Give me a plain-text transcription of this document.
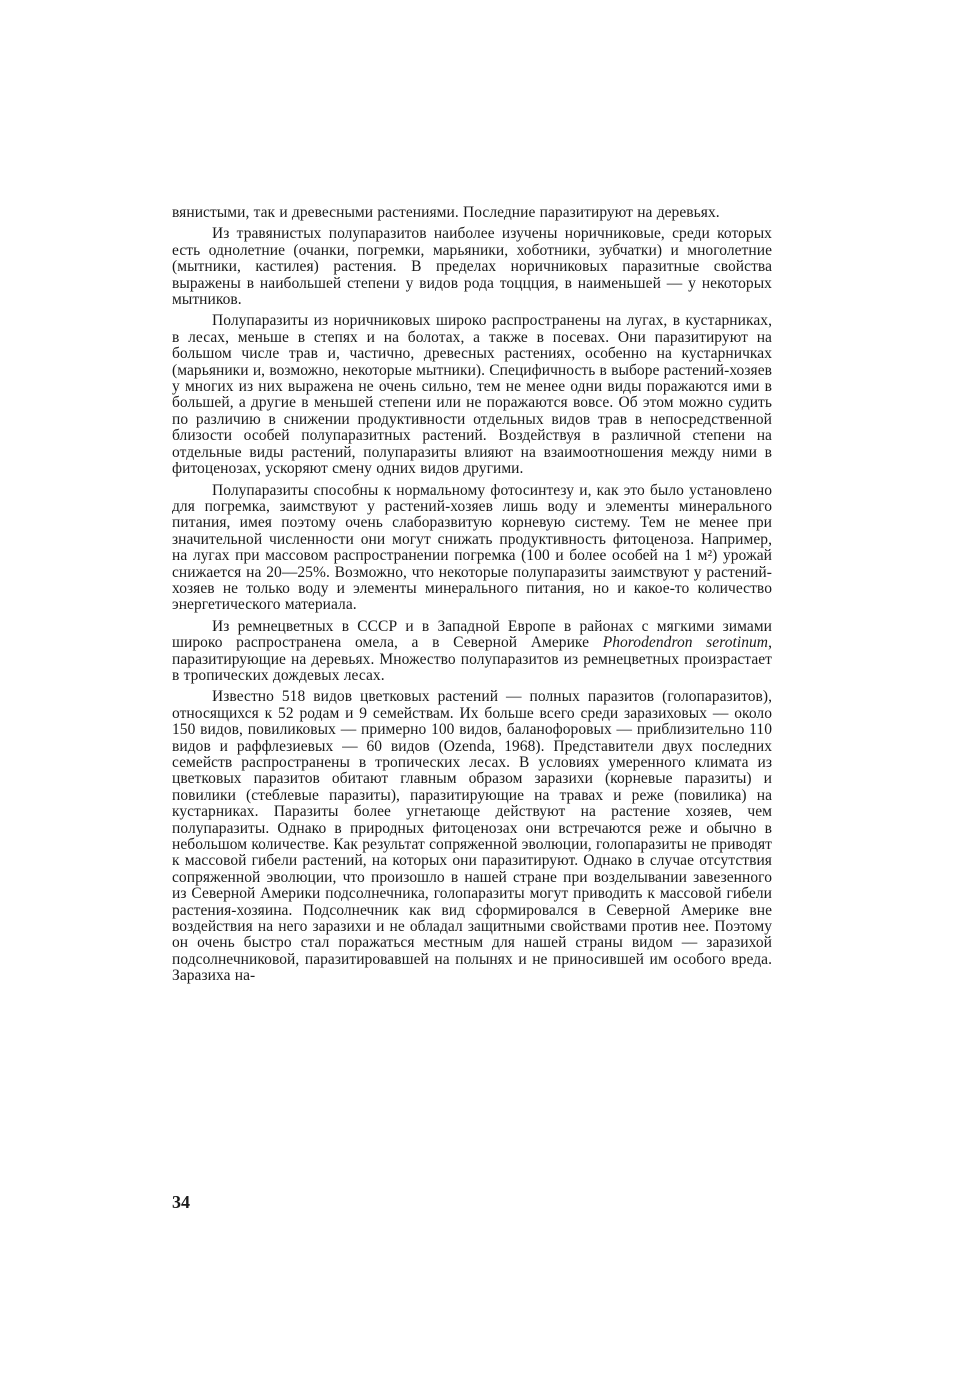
вянистыми, так и древесными растениями. Последние паразитируют на деревьях.

Из травянистых полупаразитов наиболее изучены норичниковые, среди которых есть однолетние (очанки, погремки, марьяники, хоботники, зубчатки) и многолетние (мытники, кастилея) растения. В пределах норичниковых паразитные свойства выражены в наибольшей степени у видов рода тоццция, в наименьшей — у некоторых мытников.

Полупаразиты из норичниковых широко распространены на лугах, в кустарниках, в лесах, меньше в степях и на болотах, а также в посевах. Они паразитируют на большом числе трав и, частично, древесных растениях, особенно на кустарничках (марьяники и, возможно, некоторые мытники). Специфичность в выборе растений-хозяев у многих из них выражена не очень сильно, тем не менее одни виды поражаются ими в большей, а другие в меньшей степени или не поражаются вовсе. Об этом можно судить по различию в снижении продуктивности отдельных видов трав в непосредственной близости особей полупаразитных растений. Воздействуя в различной степени на отдельные виды растений, полупаразиты влияют на взаимоотношения между ними в фитоценозах, ускоряют смену одних видов другими.

Полупаразиты способны к нормальному фотосинтезу и, как это было установлено для погремка, заимствуют у растений-хозяев лишь воду и элементы минерального питания, имея поэтому очень слаборазвитую корневую систему. Тем не менее при значительной численности они могут снижать продуктивность фитоценоза. Например, на лугах при массовом распространении погремка (100 и более особей на 1 м²) урожай снижается на 20—25%. Возможно, что некоторые полупаразиты заимствуют у растений-хозяев не только воду и элементы минерального питания, но и какое-то количество энергетического материала.

Из ремнецветных в СССР и в Западной Европе в районах с мягкими зимами широко распространена омела, а в Северной Америке Phorodendron serotinum, паразитирующие на деревьях. Множество полупаразитов из ремнецветных произрастает в тропических дождевых лесах.

Известно 518 видов цветковых растений — полных паразитов (голопаразитов), относящихся к 52 родам и 9 семействам. Их больше всего среди заразиховых — около 150 видов, повиликовых — примерно 100 видов, баланофоровых — приблизительно 110 видов и раффлезиевых — 60 видов (Ozenda, 1968). Представители двух последних семейств распространены в тропических лесах. В условиях умеренного климата из цветковых паразитов обитают главным образом заразихи (корневые паразиты) и повилики (стеблевые паразиты), паразитирующие на травах и реже (повилика) на кустарниках. Паразиты более угнетающе действуют на растение хозяев, чем полупаразиты. Однако в природных фитоценозах они встречаются реже и обычно в небольшом количестве. Как результат сопряженной эволюции, голопаразиты не приводят к массовой гибели растений, на которых они паразитируют. Однако в случае отсутствия сопряженной эволюции, что произошло в нашей стране при возделывании завезенного из Северной Америки подсолнечника, голопаразиты могут приводить к массовой гибели растения-хозяина. Подсолнечник как вид сформировался в Северной Америке вне воздействия на него заразихи и не обладал защитными свойствами против нее. Поэтому он очень быстро стал поражаться местным для нашей страны видом — заразихой подсолнечниковой, паразитировавшей на полынях и не приносившей им особого вреда. Заразиха на-

34
